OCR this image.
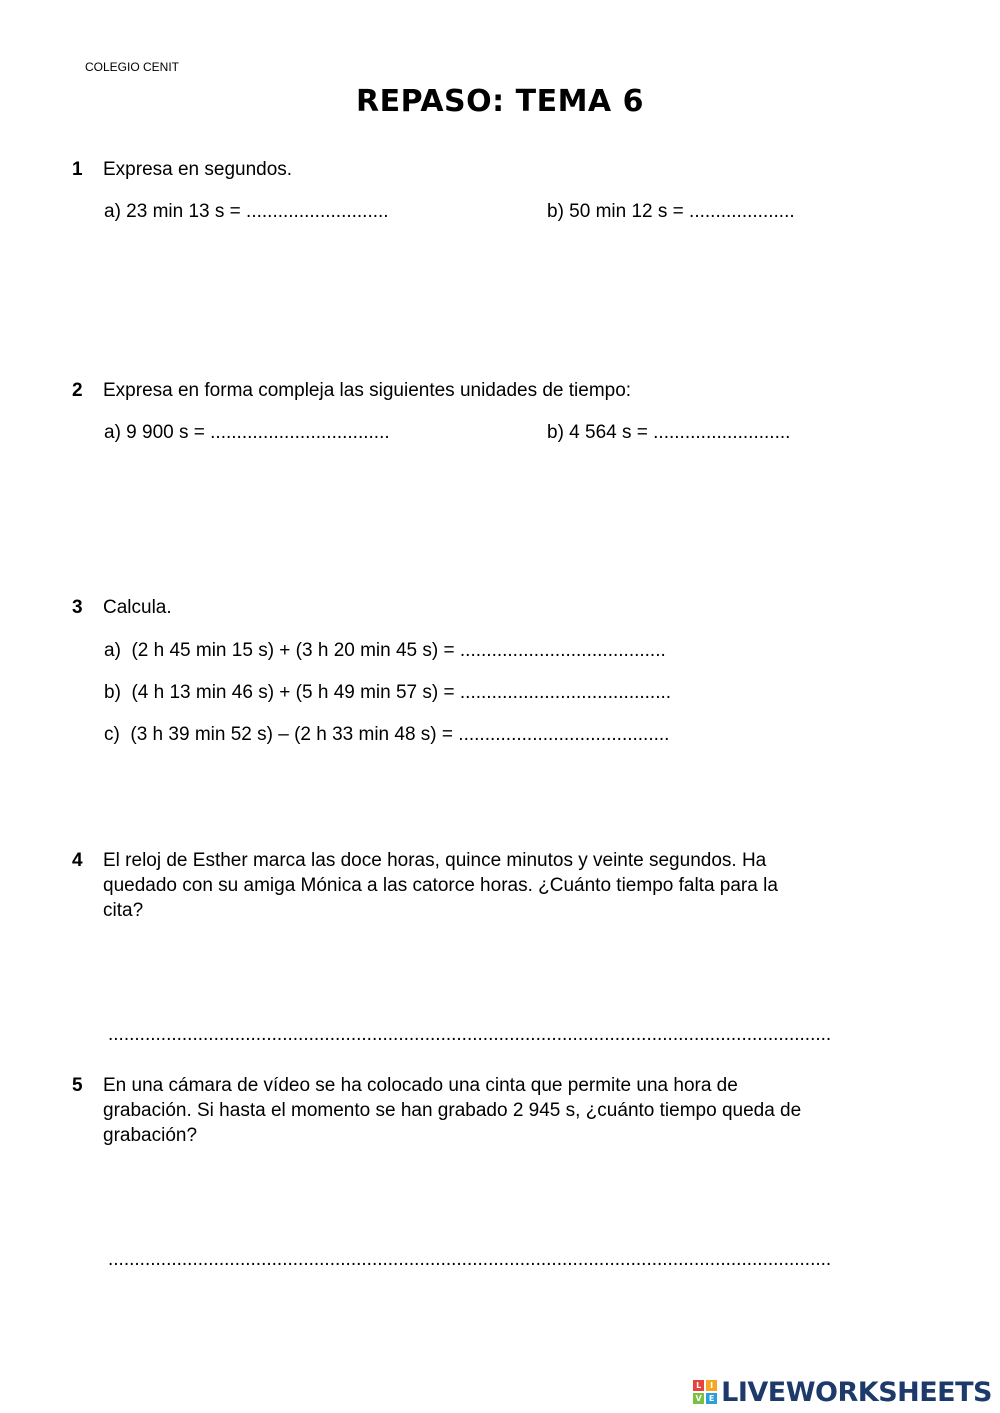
COLEGIO CENIT
REPASO: TEMA 6
1 Expresa en segundos.
a) 23 min 13 s = ...........................	b) 50 min 12 s = ....................
2 Expresa en forma compleja las siguientes unidades de tiempo:
a) 9 900 s = ..................................	b) 4 564 s = ..........................
3 Calcula.
a)  (2 h 45 min 15 s) + (3 h 20 min 45 s) = .......................................
b)  (4 h 13 min 46 s) + (5 h 49 min 57 s) = ........................................
c)  (3 h 39 min 52 s) – (2 h 33 min 48 s) = ........................................
4 El reloj de Esther marca las doce horas, quince minutos y veinte segundos. Ha
quedado con su amiga Mónica a las catorce horas. ¿Cuánto tiempo falta para la
cita?
.........................................................................................................................................
5 En una cámara de vídeo se ha colocado una cinta que permite una hora de
grabación. Si hasta el momento se han grabado 2 945 s, ¿cuánto tiempo queda de
grabación?
.........................................................................................................................................
L	I
V E LIVEWORKSHEETS
